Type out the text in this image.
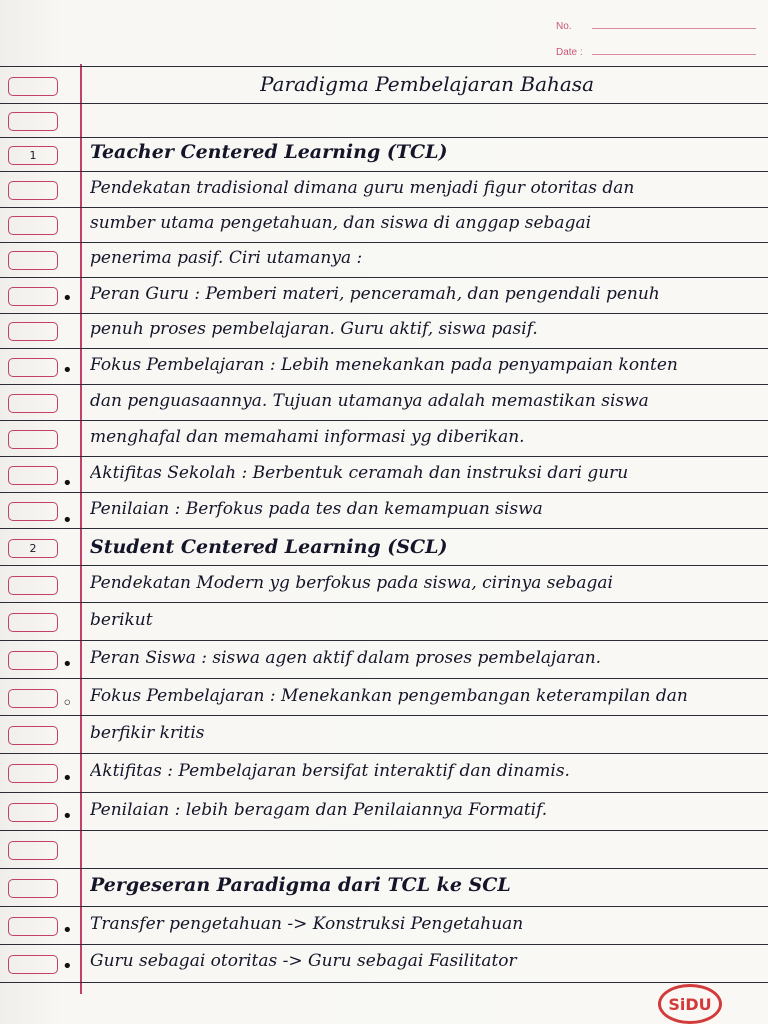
No.
Date :
1
2
•
•
•
•
•
◦
•
•
•
•
Paradigma Pembelajaran Bahasa
Teacher Centered Learning (TCL)
Pendekatan tradisional dimana guru menjadi figur otoritas dan
sumber utama pengetahuan, dan siswa di anggap sebagai
penerima pasif. Ciri utamanya :
Peran Guru : Pemberi materi, penceramah, dan pengendali penuh
penuh proses pembelajaran. Guru aktif, siswa pasif.
Fokus Pembelajaran : Lebih menekankan pada penyampaian konten
dan penguasaannya. Tujuan utamanya adalah memastikan siswa
menghafal dan memahami informasi yg diberikan.
Aktifitas Sekolah : Berbentuk ceramah dan instruksi dari guru
Penilaian : Berfokus pada tes dan kemampuan siswa
Student Centered Learning (SCL)
Pendekatan Modern yg berfokus pada siswa, cirinya sebagai
berikut
Peran Siswa : siswa agen aktif dalam proses pembelajaran.
Fokus Pembelajaran : Menekankan pengembangan keterampilan dan
berfikir kritis
Aktifitas : Pembelajaran bersifat interaktif dan dinamis.
Penilaian : lebih beragam dan Penilaiannya Formatif.
Pergeseran Paradigma dari TCL ke SCL
Transfer pengetahuan -> Konstruksi Pengetahuan
Guru sebagai otoritas -> Guru sebagai Fasilitator
SiDU
